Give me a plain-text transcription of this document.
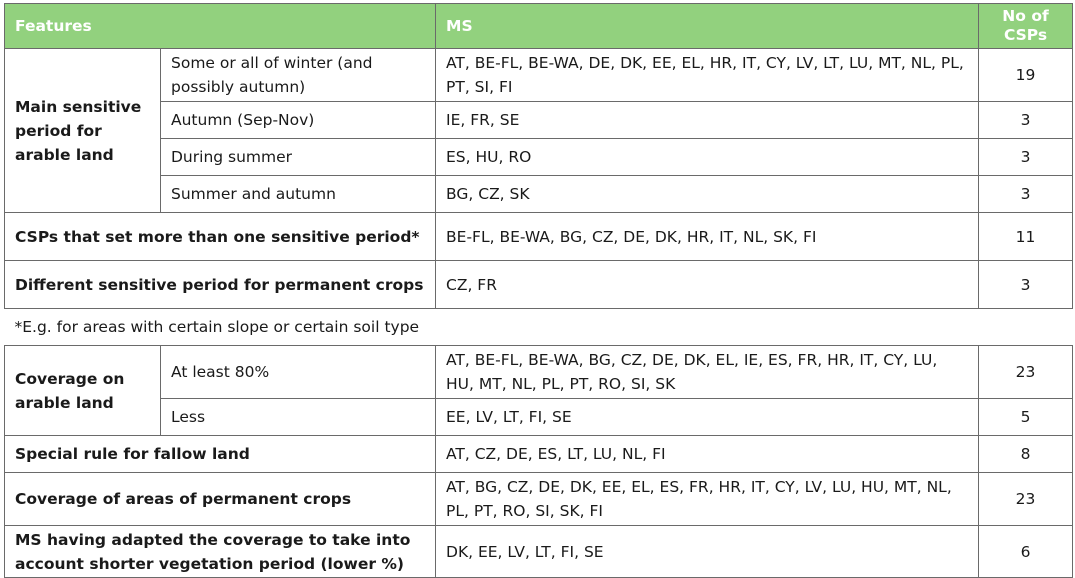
Features		MS	No of
CSPs
Main sensitive period for arable land	Some or all of winter (and possibly autumn)	AT, BE-FL, BE-WA, DE, DK, EE, EL, HR, IT, CY, LV, LT, LU, MT, NL, PL, PT, SI, FI	19
	Autumn (Sep-Nov)	IE, FR, SE	3
	During summer	ES, HU, RO	3
	Summer and autumn	BG, CZ, SK	3
CSPs that set more than one sensitive period*		BE-FL, BE-WA, BG, CZ, DE, DK, HR, IT, NL, SK, FI	11
Different sensitive period for permanent crops		CZ, FR	3
*E.g. for areas with certain slope or certain soil type			
Coverage on arable land	At least 80%	AT, BE-FL, BE-WA, BG, CZ, DE, DK, EL, IE, ES, FR, HR, IT, CY, LU, HU, MT, NL, PL, PT, RO, SI, SK	23
	Less	EE, LV, LT, FI, SE	5
Special rule for fallow land		AT, CZ, DE, ES, LT, LU, NL, FI	8
Coverage of areas of permanent crops		AT, BG, CZ, DE, DK, EE, EL, ES, FR, HR, IT, CY, LV, LU, HU, MT, NL, PL, PT, RO, SI, SK, FI	23
MS having adapted the coverage to take into account shorter vegetation period (lower %)		DK, EE, LV, LT, FI, SE	6
